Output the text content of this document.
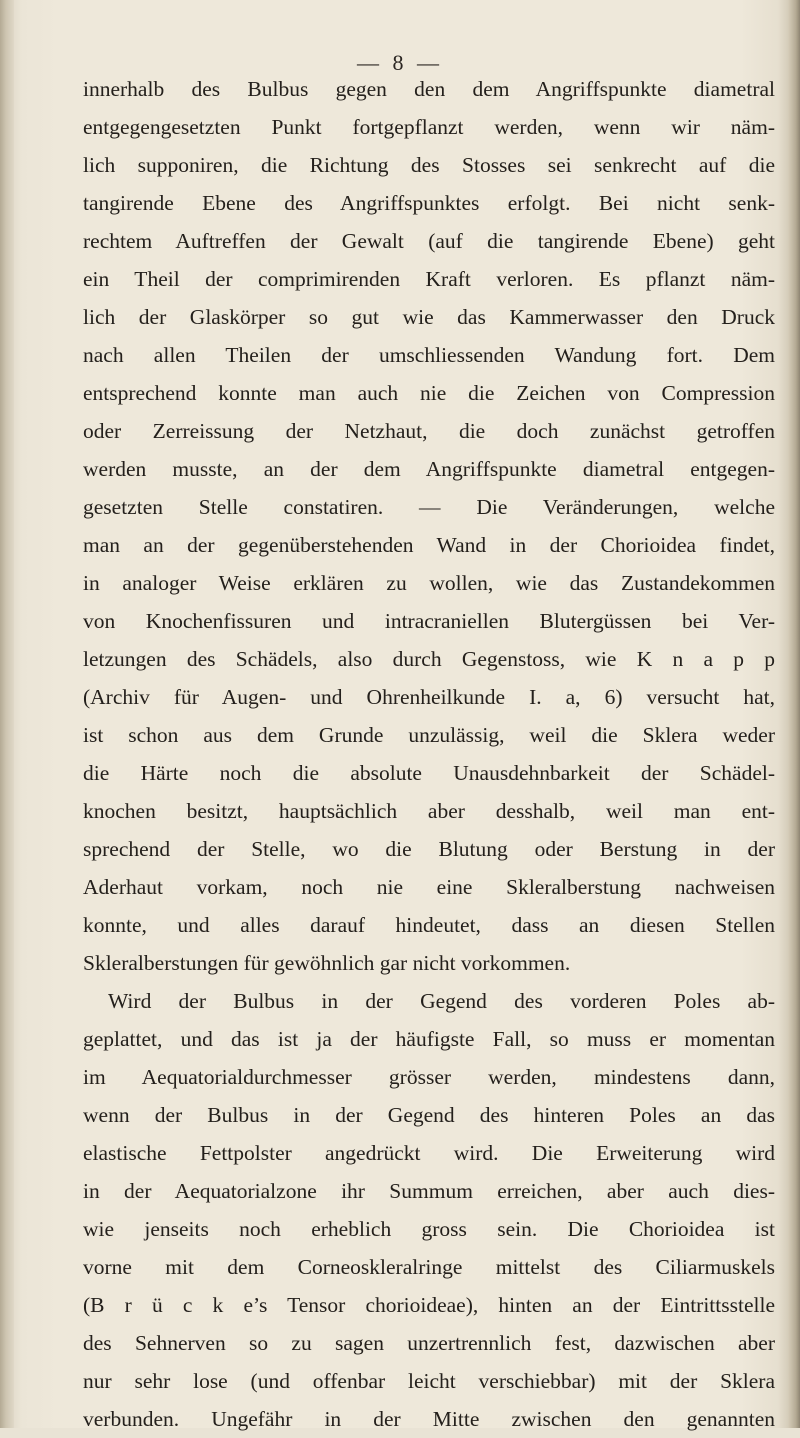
— 8 —
innerhalb des Bulbus gegen den dem Angriffspunkte diametral
entgegengesetzten Punkt fortgepflanzt werden, wenn wir näm-
lich supponiren, die Richtung des Stosses sei senkrecht auf die
tangirende Ebene des Angriffspunktes erfolgt. Bei nicht senk-
rechtem Auftreffen der Gewalt (auf die tangirende Ebene) geht
ein Theil der comprimirenden Kraft verloren. Es pflanzt näm-
lich der Glaskörper so gut wie das Kammerwasser den Druck
nach allen Theilen der umschliessenden Wandung fort. Dem
entsprechend konnte man auch nie die Zeichen von Compression
oder Zerreissung der Netzhaut, die doch zunächst getroffen
werden musste, an der dem Angriffspunkte diametral entgegen-
gesetzten Stelle constatiren. — Die Veränderungen, welche
man an der gegenüberstehenden Wand in der Chorioidea findet,
in analoger Weise erklären zu wollen, wie das Zustandekommen
von Knochenfissuren und intracraniellen Blutergüssen bei Ver-
letzungen des Schädels, also durch Gegenstoss, wie K n a p p
(Archiv für Augen- und Ohrenheilkunde I. a, 6) versucht hat,
ist schon aus dem Grunde unzulässig, weil die Sklera weder
die Härte noch die absolute Unausdehnbarkeit der Schädel-
knochen besitzt, hauptsächlich aber desshalb, weil man ent-
sprechend der Stelle, wo die Blutung oder Berstung in der
Aderhaut vorkam, noch nie eine Skleralberstung nachweisen
konnte, und alles darauf hindeutet, dass an diesen Stellen
Skleralberstungen für gewöhnlich gar nicht vorkommen.
Wird der Bulbus in der Gegend des vorderen Poles ab-
geplattet, und das ist ja der häufigste Fall, so muss er momentan
im Aequatorialdurchmesser grösser werden, mindestens dann,
wenn der Bulbus in der Gegend des hinteren Poles an das
elastische Fettpolster angedrückt wird. Die Erweiterung wird
in der Aequatorialzone ihr Summum erreichen, aber auch dies-
wie jenseits noch erheblich gross sein. Die Chorioidea ist
vorne mit dem Corneoskleralringe mittelst des Ciliarmuskels
(B r ü c k e’s Tensor chorioideae), hinten an der Eintrittsstelle
des Sehnerven so zu sagen unzertrennlich fest, dazwischen aber
nur sehr lose (und offenbar leicht verschiebbar) mit der Sklera
verbunden. Ungefähr in der Mitte zwischen den genannten
